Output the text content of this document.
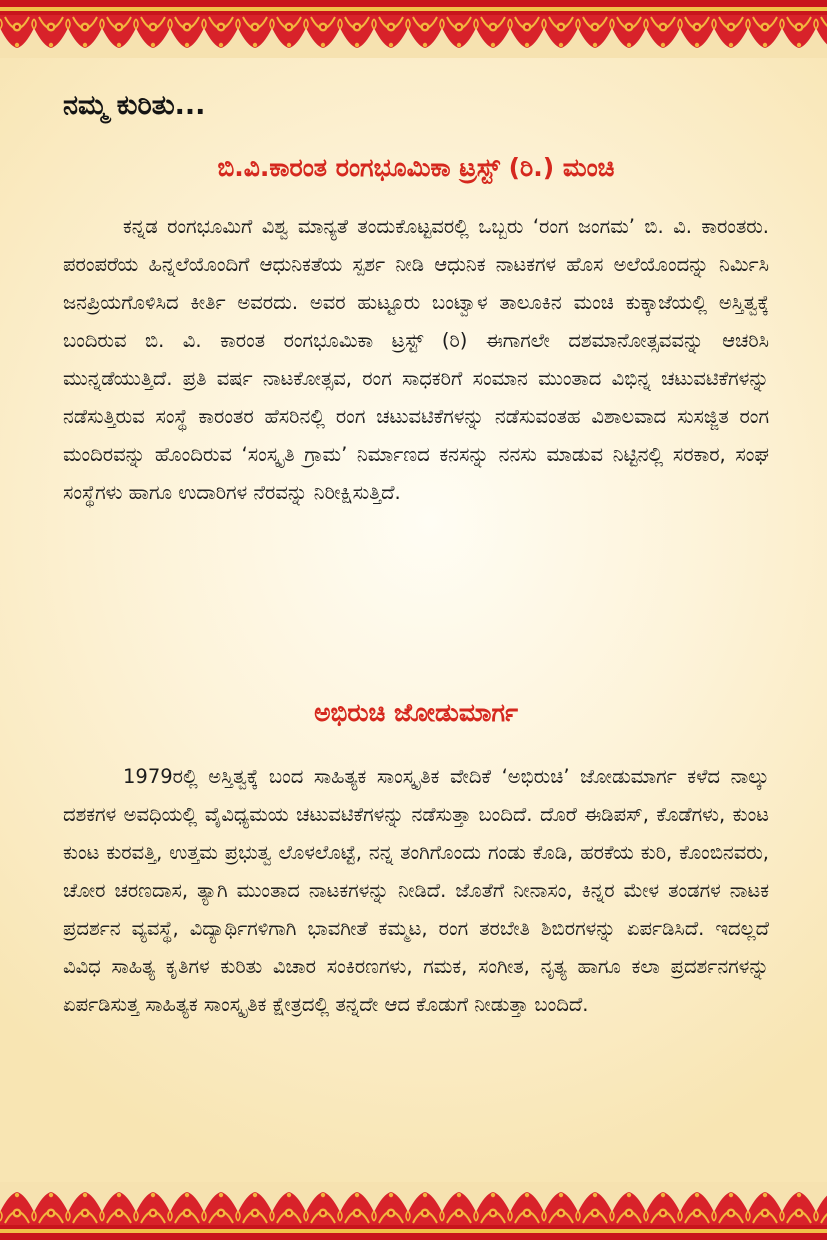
ನಮ್ಮ ಕುರಿತು...
ಬಿ.ವಿ.ಕಾರಂತ ರಂಗಭೂಮಿಕಾ ಟ್ರಸ್ಟ್ (ರಿ.) ಮಂಚಿ
ಕನ್ನಡ ರಂಗಭೂಮಿಗೆ ವಿಶ್ವ ಮಾನ್ಯತೆ ತಂದುಕೊಟ್ಟವರಲ್ಲಿ ಒಬ್ಬರು ‘ರಂಗ ಜಂಗಮ’ ಬಿ. ವಿ. ಕಾರಂತರು. ಪರಂಪರೆಯ ಹಿನ್ನಲೆಯೊಂದಿಗೆ ಆಧುನಿಕತೆಯ ಸ್ಪರ್ಶ ನೀಡಿ ಆಧುನಿಕ ನಾಟಕಗಳ ಹೊಸ ಅಲೆಯೊಂದನ್ನು ನಿರ್ಮಿಸಿ ಜನಪ್ರಿಯಗೊಳಿಸಿದ ಕೀರ್ತಿ ಅವರದು. ಅವರ ಹುಟ್ಟೂರು ಬಂಟ್ವಾಳ ತಾಲೂಕಿನ ಮಂಚಿ ಕುಕ್ಕಾಜೆಯಲ್ಲಿ ಅಸ್ತಿತ್ವಕ್ಕೆ ಬಂದಿರುವ ಬಿ. ವಿ. ಕಾರಂತ ರಂಗಭೂಮಿಕಾ ಟ್ರಸ್ಟ್ (ರಿ) ಈಗಾಗಲೇ ದಶಮಾನೋತ್ಸವವನ್ನು ಆಚರಿಸಿ ಮುನ್ನಡೆಯುತ್ತಿದೆ. ಪ್ರತಿ ವರ್ಷ ನಾಟಕೋತ್ಸವ, ರಂಗ ಸಾಧಕರಿಗೆ ಸಂಮಾನ ಮುಂತಾದ ವಿಭಿನ್ನ ಚಟುವಟಿಕೆಗಳನ್ನು ನಡೆಸುತ್ತಿರುವ ಸಂಸ್ಥೆ ಕಾರಂತರ ಹೆಸರಿನಲ್ಲಿ ರಂಗ ಚಟುವಟಿಕೆಗಳನ್ನು ನಡೆಸುವಂತಹ ವಿಶಾಲವಾದ ಸುಸಜ್ಜಿತ ರಂಗ ಮಂದಿರವನ್ನು ಹೊಂದಿರುವ ‘ಸಂಸ್ಕೃತಿ ಗ್ರಾಮ’ ನಿರ್ಮಾಣದ ಕನಸನ್ನು ನನಸು ಮಾಡುವ ನಿಟ್ಟಿನಲ್ಲಿ ಸರಕಾರ, ಸಂಘ ಸಂಸ್ಥೆಗಳು ಹಾಗೂ ಉದಾರಿಗಳ ನೆರವನ್ನು ನಿರೀಕ್ಷಿಸುತ್ತಿದೆ.
ಅಭಿರುಚಿ ಜೋಡುಮಾರ್ಗ
1979ರಲ್ಲಿ ಅಸ್ತಿತ್ವಕ್ಕೆ ಬಂದ ಸಾಹಿತ್ಯಕ ಸಾಂಸ್ಕೃತಿಕ ವೇದಿಕೆ ‘ಅಭಿರುಚಿ’ ಜೋಡುಮಾರ್ಗ ಕಳೆದ ನಾಲ್ಕು ದಶಕಗಳ ಅವಧಿಯಲ್ಲಿ ವೈವಿಧ್ಯಮಯ ಚಟುವಟಿಕೆಗಳನ್ನು ನಡೆಸುತ್ತಾ ಬಂದಿದೆ. ದೊರೆ ಈಡಿಪಸ್, ಕೊಡೆಗಳು, ಕುಂಟ ಕುಂಟ ಕುರವತ್ತಿ, ಉತ್ತಮ ಪ್ರಭುತ್ವ ಲೊಳಲೊಟ್ಟೆ, ನನ್ನ ತಂಗಿಗೊಂದು ಗಂಡು ಕೊಡಿ, ಹರಕೆಯ ಕುರಿ, ಕೊಂಬಿನವರು, ಚೋರ ಚರಣದಾಸ, ತ್ಯಾಗಿ ಮುಂತಾದ ನಾಟಕಗಳನ್ನು ನೀಡಿದೆ. ಜೊತೆಗೆ ನೀನಾಸಂ, ಕಿನ್ನರ ಮೇಳ ತಂಡಗಳ ನಾಟಕ ಪ್ರದರ್ಶನ ವ್ಯವಸ್ಥೆ, ವಿದ್ಯಾರ್ಥಿಗಳಿಗಾಗಿ ಭಾವಗೀತೆ ಕಮ್ಮಟ, ರಂಗ ತರಬೇತಿ ಶಿಬಿರಗಳನ್ನು ಏರ್ಪಡಿಸಿದೆ. ಇದಲ್ಲದೆ ವಿವಿಧ ಸಾಹಿತ್ಯ ಕೃತಿಗಳ ಕುರಿತು ವಿಚಾರ ಸಂಕಿರಣಗಳು, ಗಮಕ, ಸಂಗೀತ, ನೃತ್ಯ ಹಾಗೂ ಕಲಾ ಪ್ರದರ್ಶನಗಳನ್ನು ಏರ್ಪಡಿಸುತ್ತ ಸಾಹಿತ್ಯಕ ಸಾಂಸ್ಕೃತಿಕ ಕ್ಷೇತ್ರದಲ್ಲಿ ತನ್ನದೇ ಆದ ಕೊಡುಗೆ ನೀಡುತ್ತಾ ಬಂದಿದೆ.
